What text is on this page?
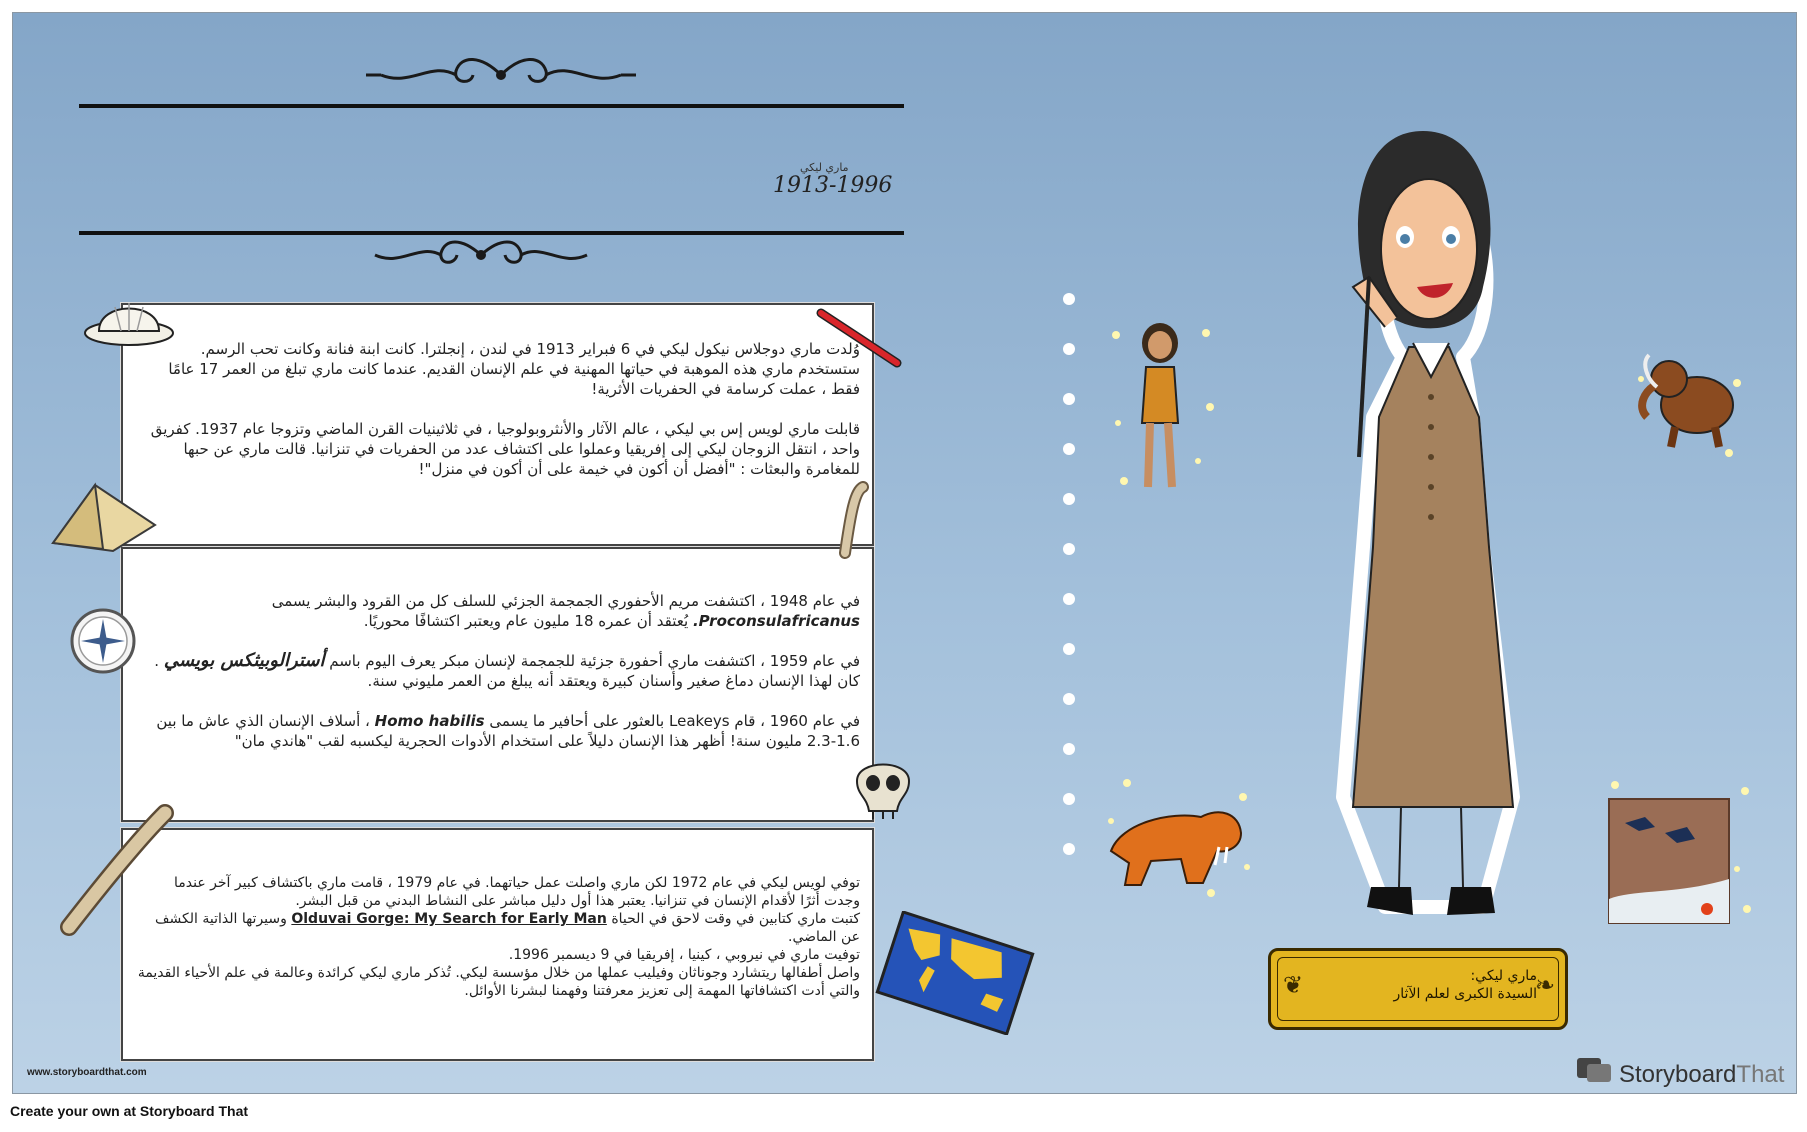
ماري ليكي
1913-1996

وُلدت ماري دوجلاس نيكول ليكي في 6 فبراير 1913 في لندن ، إنجلترا. كانت ابنة فنانة وكانت تحب الرسم. ستستخدم ماري هذه الموهبة في حياتها المهنية في علم الإنسان القديم. عندما كانت ماري تبلغ من العمر 17 عامًا فقط ، عملت كرسامة في الحفريات الأثرية!

قابلت ماري لويس إس بي ليكي ، عالم الآثار والأنثروبولوجيا ، في ثلاثينيات القرن الماضي وتزوجا عام 1937. كفريق واحد ، انتقل الزوجان ليكي إلى إفريقيا وعملوا على اكتشاف عدد من الحفريات في تنزانيا. قالت ماري عن حبها للمغامرة والبعثات : "أفضل أن أكون في خيمة على أن أكون في منزل"!

في عام 1948 ، اكتشفت مريم الأحفوري الجمجمة الجزئي للسلف كل من القرود والبشر يسمى Proconsulafricanus. يُعتقد أن عمره 18 مليون عام ويعتبر اكتشافًا محوريًا.

في عام 1959 ، اكتشفت ماري أحفورة جزئية للجمجمة لإنسان مبكر يعرف اليوم باسم أسترالوبيثكس بويسي . كان لهذا الإنسان دماغ صغير وأسنان كبيرة ويعتقد أنه يبلغ من العمر مليوني سنة.

في عام 1960 ، قام Leakeys بالعثور على أحافير ما يسمى Homo habilis ، أسلاف الإنسان الذي عاش ما بين 1.6-2.3 مليون سنة! أظهر هذا الإنسان دليلاً على استخدام الأدوات الحجرية ليكسبه لقب "هاندي مان"

توفي لويس ليكي في عام 1972 لكن ماري واصلت عمل حياتهما. في عام 1979 ، قامت ماري باكتشاف كبير آخر عندما وجدت أثرًا لأقدام الإنسان في تنزانيا. يعتبر هذا أول دليل مباشر على النشاط البدني من قبل البشر.

كتبت ماري كتابين في وقت لاحق في الحياة Olduvai Gorge: My Search for Early Man وسيرتها الذاتية الكشف عن الماضي.

توفيت ماري في نيروبي ، كينيا ، إفريقيا في 9 ديسمبر 1996.

واصل أطفالها ريتشارد وجوناثان وفيليب عملها من خلال مؤسسة ليكي. تُذكر ماري ليكي كرائدة وعالمة في علم الأحياء القديمة والتي أدت اكتشافاتها المهمة إلى تعزيز معرفتنا وفهمنا لبشرنا الأوائل.	❦	❧
ماري ليكي:
السيدة الكبرى لعلم الآثار
www.storyboardthat.com	StoryboardThat
Create your own at Storyboard That
